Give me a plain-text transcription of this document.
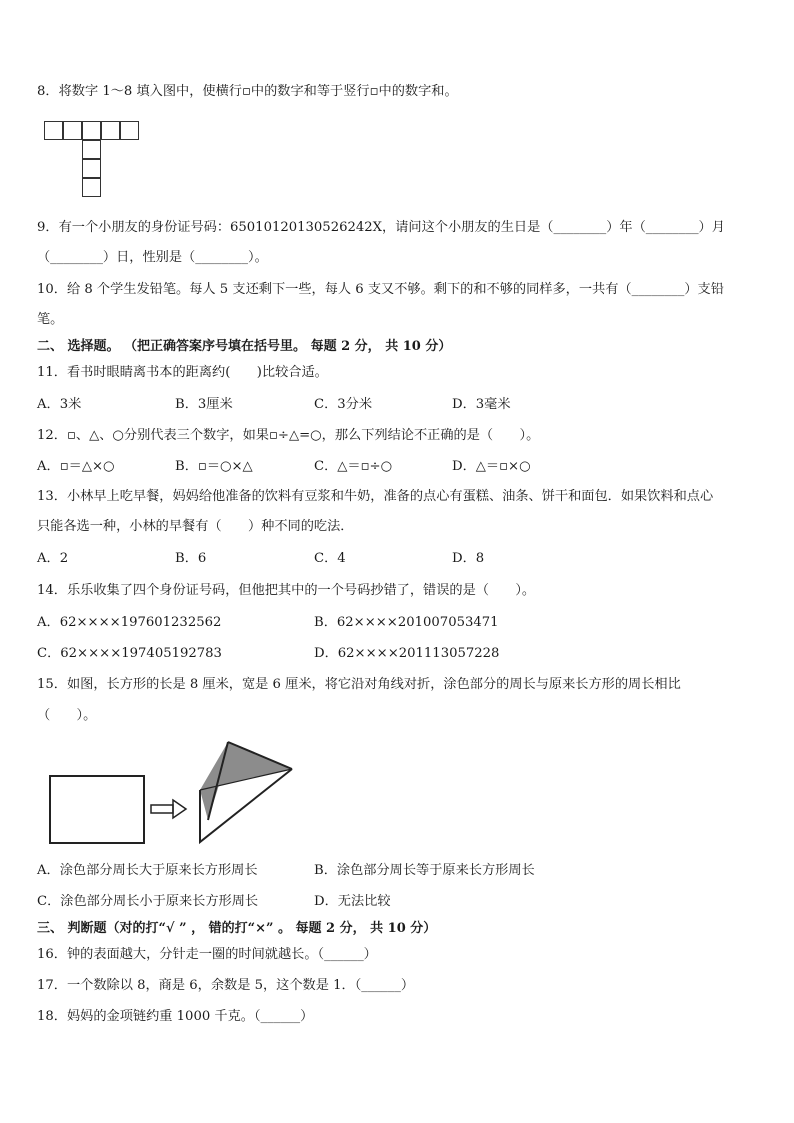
8．将数字 1～8 填入图中，使横行▫中的数字和等于竖行▫中的数字和。
9．有一个小朋友的身份证号码：65010120130526242X，请问这个小朋友的生日是（________）年（________）月
（________）日，性别是（________）。
10．给 8 个学生发铅笔。每人 5 支还剩下一些，每人 6 支又不够。剩下的和不够的同样多，一共有（________）支铅
笔。
二、 选择题。 （把正确答案序号填在括号里。 每题 2 分， 共 10 分）
11．看书时眼睛离书本的距离约(　　)比较合适。
A．3米	B．3厘米	C．3分米	D．3毫米
12．▫、△、○分别代表三个数字，如果▫÷△=○，那么下列结论不正确的是（　　）。
A．▫＝△×○	B．▫＝○×△	C．△＝▫÷○	D．△＝▫×○
13．小林早上吃早餐，妈妈给他准备的饮料有豆浆和牛奶，准备的点心有蛋糕、油条、饼干和面包．如果饮料和点心
只能各选一种，小林的早餐有（　　）种不同的吃法．
A．2	B．6	C．4	D．8
14．乐乐收集了四个身份证号码，但他把其中的一个号码抄错了，错误的是（　　）。
A．62××××197601232562	B．62××××201007053471
C．62××××197405192783	D．62××××201113057228
15．如图，长方形的长是 8 厘米，宽是 6 厘米，将它沿对角线对折，涂色部分的周长与原来长方形的周长相比
（　　）。
A．涂色部分周长大于原来长方形周长	B．涂色部分周长等于原来长方形周长
C．涂色部分周长小于原来长方形周长	D．无法比较
三、 判断题（对的打“√ ” ， 错的打“×” 。 每题 2 分， 共 10 分）
16．钟的表面越大，分针走一圈的时间就越长。（______）
17．一个数除以 8，商是 6，余数是 5，这个数是 1．（______）
18．妈妈的金项链约重 1000 千克。（______）
